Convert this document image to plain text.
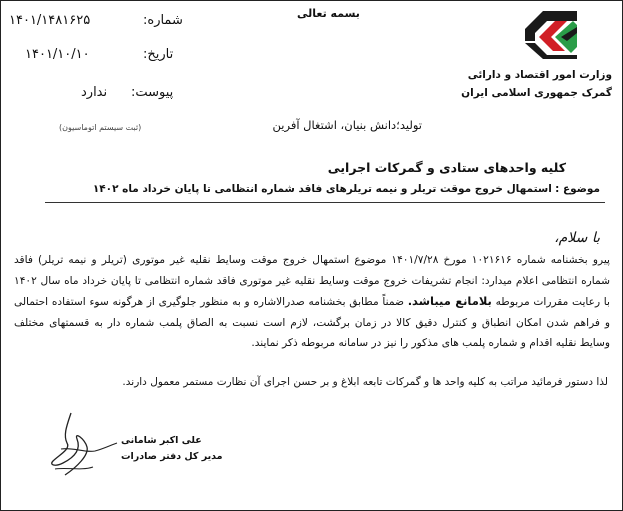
وزارت امور اقتصاد و دارائی
گمرک جمهوری اسلامی ایران
بسمه تعالی
شماره:
۱۴۰۱/۱۴۸۱۶۲۵
تاریخ:
۱۴۰۱/۱۰/۱۰
پیوست:
ندارد
(ثبت سیستم اتوماسیون)	تولید؛دانش بنیان، اشتغال آفرین
کلیه واحدهای ستادی و گمرکات اجرایی
موضوع : استمهال خروج موقت تریلر و نیمه تریلرهای فاقد شماره انتظامی تا پایان خرداد ماه ۱۴۰۲
با سلام،

پیرو بخشنامه شماره ۱۰۲۱۶۱۶ مورخ ۱۴۰۱/۷/۲۸ موضوع استمهال خروج موقت وسایط نقلیه غیر موتوری (تریلر و نیمه تریلر) فاقد شماره انتظامی اعلام میدارد: انجام تشریفات خروج موقت وسایط نقلیه غیر موتوری فاقد شماره انتظامی تا پایان خرداد ماه سال ۱۴۰۲ با رعایت مقررات مربوطه بلامانع میباشد. ضمناً مطابق بخشنامه صدرالاشاره و به منظور جلوگیری از هرگونه سوء استفاده احتمالی و فراهم شدن امکان انطباق و کنترل دقیق کالا در زمان برگشت، لازم است نسبت به الصاق پلمب شماره دار به قسمتهای مختلف وسایط نقلیه اقدام و شماره پلمب های مذکور را نیز در سامانه مربوطه ذکر نمایند.

لذا دستور فرمائید مراتب به کلیه واحد ها و گمرکات تابعه ابلاغ و بر حسن اجرای آن نظارت مستمر معمول دارند.
علی اکبر شامانی
مدیر کل دفتر صادرات
